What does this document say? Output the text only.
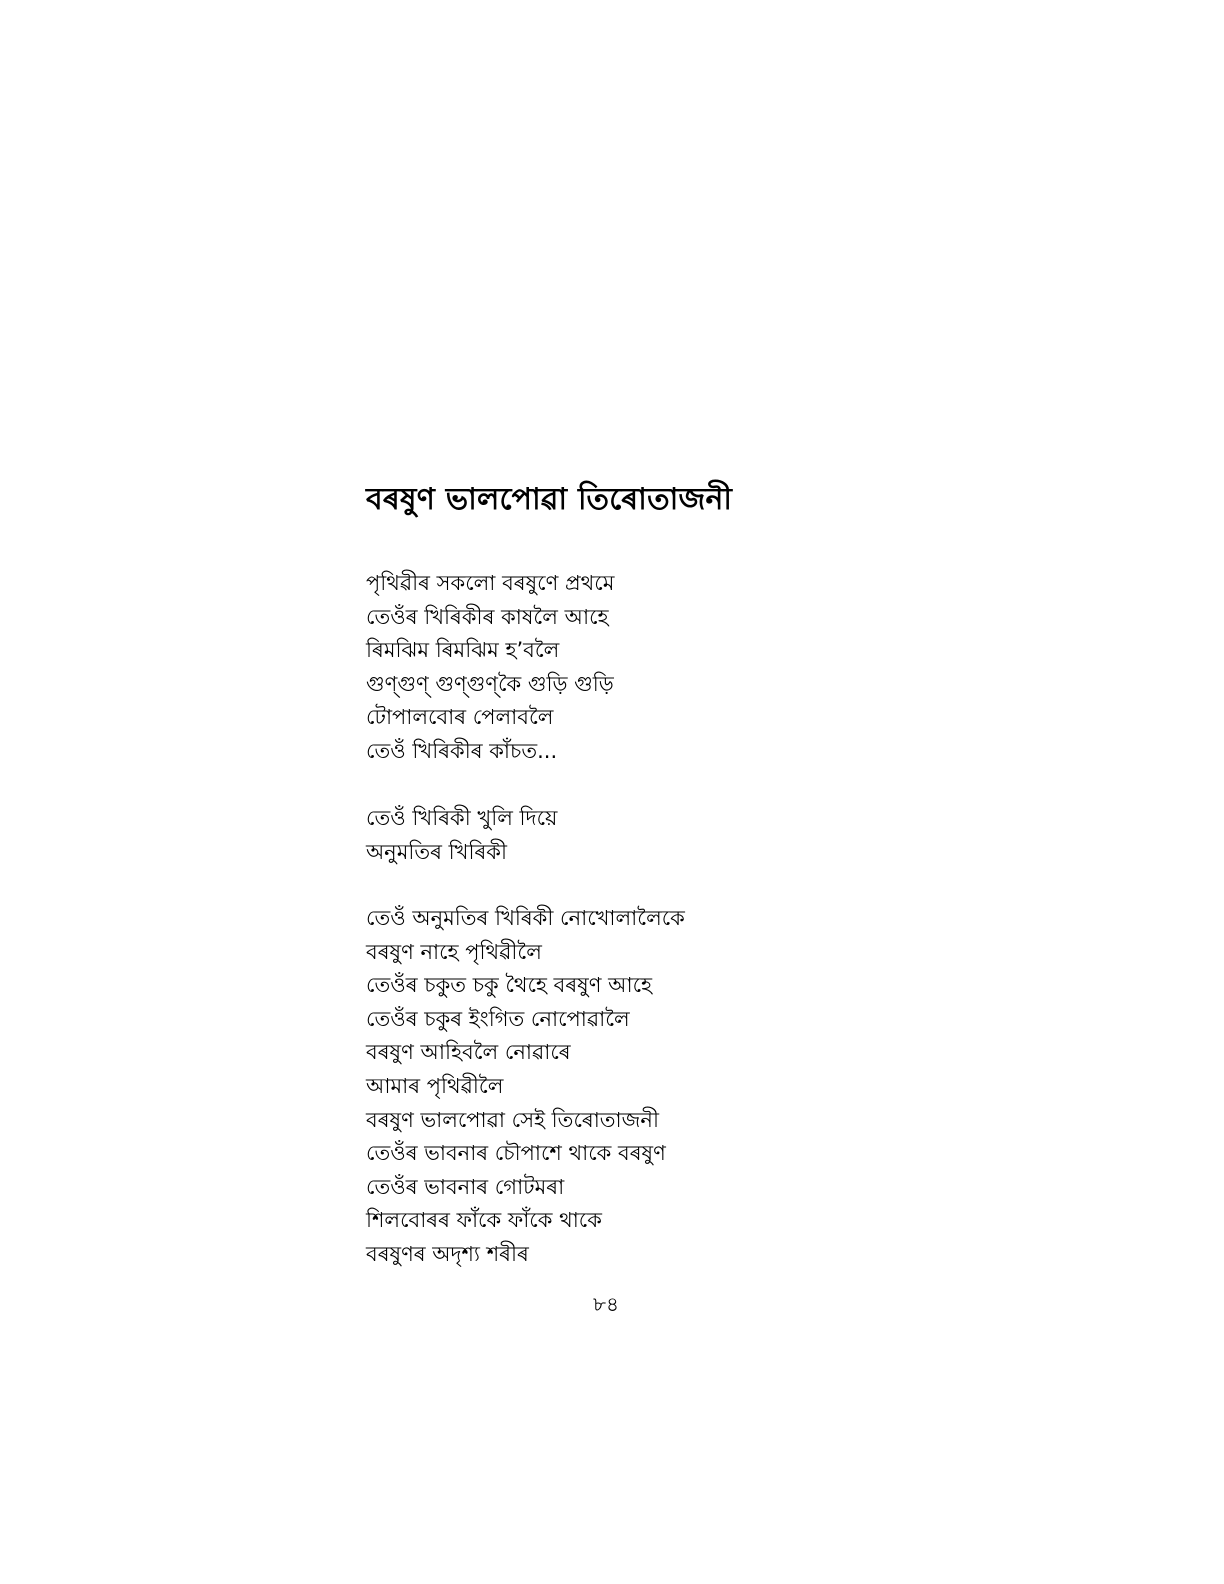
বৰষুণ ভালপোৱা তিৰোতাজনী
পৃথিৱীৰ সকলো বৰষুণে প্ৰথমে
তেওঁৰ খিৰিকীৰ কাষলৈ আহে
ৰিমঝিম ৰিমঝিম হ’বলৈ
গুণ্‌গুণ্‌ গুণ্‌গুণ্‌কৈ গুড়ি গুড়ি
টোপালবোৰ পেলাবলৈ
তেওঁ খিৰিকীৰ কাঁচত...
তেওঁ খিৰিকী খুলি দিয়ে
অনুমতিৰ খিৰিকী
তেওঁ অনুমতিৰ খিৰিকী নোখোলালৈকে
বৰষুণ নাহে পৃথিৱীলৈ
তেওঁৰ চকুত চকু থৈহে বৰষুণ আহে
তেওঁৰ চকুৰ ইংগিত নোপোৱালৈ
বৰষুণ আহিবলৈ নোৱাৰে
আমাৰ পৃথিৱীলৈ
বৰষুণ ভালপোৱা সেই তিৰোতাজনী
তেওঁৰ ভাবনাৰ চৌপাশে থাকে বৰষুণ
তেওঁৰ ভাবনাৰ গোটমৰা
শিলবোৰৰ ফাঁকে ফাঁকে থাকে
বৰষুণৰ অদৃশ্য শৰীৰ
৮৪
